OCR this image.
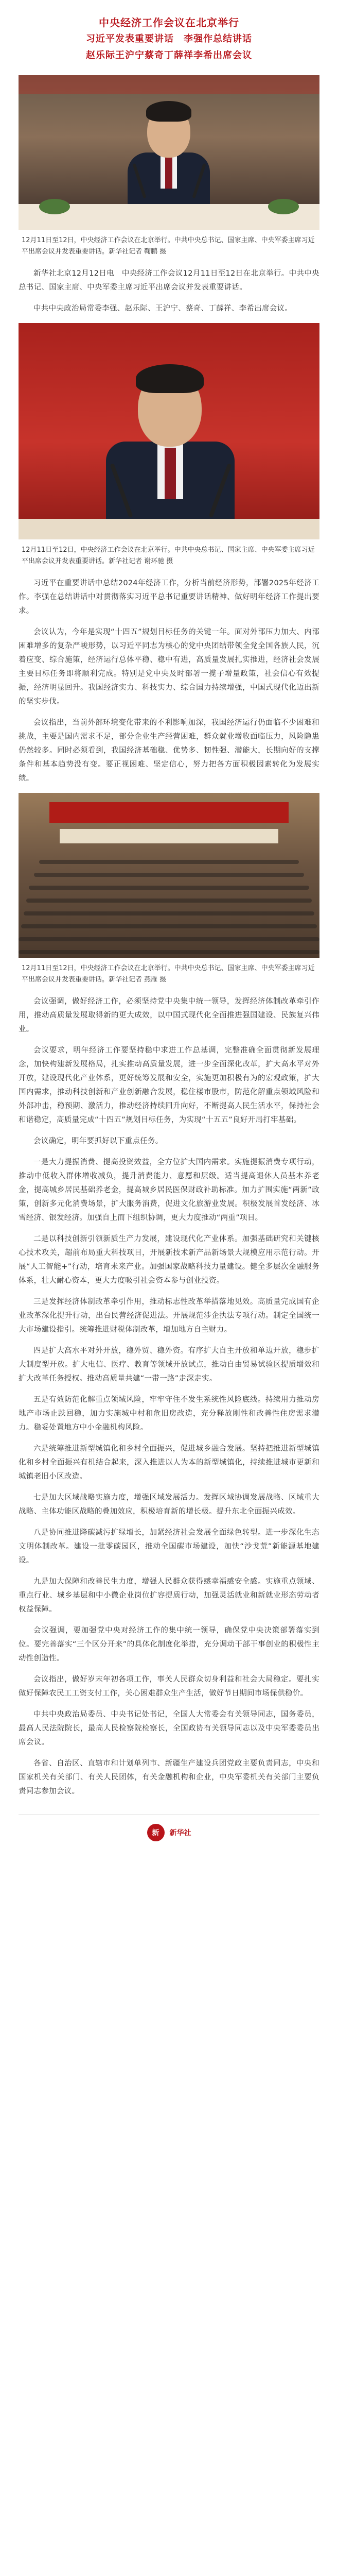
中央经济工作会议在北京举行
习近平发表重要讲话　李强作总结讲话
赵乐际王沪宁蔡奇丁薛祥李希出席会议
12月11日至12日，中央经济工作会议在北京举行。中共中央总书记、国家主席、中央军委主席习近平出席会议并发表重要讲话。新华社记者 鞠鹏 摄

新华社北京12月12日电　中央经济工作会议12月11日至12日在北京举行。中共中央总书记、国家主席、中央军委主席习近平出席会议并发表重要讲话。

中共中央政治局常委李强、赵乐际、王沪宁、蔡奇、丁薛祥、李希出席会议。

12月11日至12日，中央经济工作会议在北京举行。中共中央总书记、国家主席、中央军委主席习近平出席会议并发表重要讲话。新华社记者 谢环驰 摄

习近平在重要讲话中总结2024年经济工作，分析当前经济形势，部署2025年经济工作。李强在总结讲话中对贯彻落实习近平总书记重要讲话精神、做好明年经济工作提出要求。

会议认为，今年是实现“十四五”规划目标任务的关键一年。面对外部压力加大、内部困难增多的复杂严峻形势，以习近平同志为核心的党中央团结带领全党全国各族人民，沉着应变、综合施策，经济运行总体平稳、稳中有进，高质量发展扎实推进，经济社会发展主要目标任务即将顺利完成。特别是党中央及时部署一揽子增量政策，社会信心有效提振，经济明显回升。我国经济实力、科技实力、综合国力持续增强，中国式现代化迈出新的坚实步伐。

会议指出，当前外部环境变化带来的不利影响加深，我国经济运行仍面临不少困难和挑战，主要是国内需求不足，部分企业生产经营困难，群众就业增收面临压力，风险隐患仍然较多。同时必须看到，我国经济基础稳、优势多、韧性强、潜能大，长期向好的支撑条件和基本趋势没有变。要正视困难、坚定信心，努力把各方面积极因素转化为发展实绩。

12月11日至12日，中央经济工作会议在北京举行。中共中央总书记、国家主席、中央军委主席习近平出席会议并发表重要讲话。新华社记者 燕雁 摄

会议强调，做好经济工作，必须坚持党中央集中统一领导，发挥经济体制改革牵引作用，推动高质量发展取得新的更大成效，以中国式现代化全面推进强国建设、民族复兴伟业。

会议要求，明年经济工作要坚持稳中求进工作总基调，完整准确全面贯彻新发展理念，加快构建新发展格局，扎实推动高质量发展，进一步全面深化改革，扩大高水平对外开放，建设现代化产业体系，更好统筹发展和安全，实施更加积极有为的宏观政策，扩大国内需求，推动科技创新和产业创新融合发展，稳住楼市股市，防范化解重点领域风险和外部冲击，稳预期、激活力，推动经济持续回升向好，不断提高人民生活水平，保持社会和谐稳定，高质量完成“十四五”规划目标任务，为实现“十五五”良好开局打牢基础。

会议确定，明年要抓好以下重点任务。

一是大力提振消费、提高投资效益，全方位扩大国内需求。实施提振消费专项行动，推动中低收入群体增收减负，提升消费能力、意愿和层级。适当提高退休人员基本养老金，提高城乡居民基础养老金，提高城乡居民医保财政补助标准。加力扩围实施“两新”政策，创新多元化消费场景，扩大服务消费，促进文化旅游业发展。积极发展首发经济、冰雪经济、银发经济。加强自上而下组织协调，更大力度推动“两重”项目。

二是以科技创新引领新质生产力发展，建设现代化产业体系。加强基础研究和关键核心技术攻关，超前布局重大科技项目，开展新技术新产品新场景大规模应用示范行动。开展“人工智能+”行动，培育未来产业。加强国家战略科技力量建设。健全多层次金融服务体系，壮大耐心资本，更大力度吸引社会资本参与创业投资。

三是发挥经济体制改革牵引作用，推动标志性改革举措落地见效。高质量完成国有企业改革深化提升行动，出台民营经济促进法。开展规范涉企执法专项行动。制定全国统一大市场建设指引。统筹推进财税体制改革，增加地方自主财力。

四是扩大高水平对外开放，稳外贸、稳外资。有序扩大自主开放和单边开放，稳步扩大制度型开放。扩大电信、医疗、教育等领域开放试点，推动自由贸易试验区提质增效和扩大改革任务授权。推动高质量共建“一带一路”走深走实。

五是有效防范化解重点领域风险，牢牢守住不发生系统性风险底线。持续用力推动房地产市场止跌回稳，加力实施城中村和危旧房改造，充分释放刚性和改善性住房需求潜力。稳妥处置地方中小金融机构风险。

六是统筹推进新型城镇化和乡村全面振兴，促进城乡融合发展。坚持把推进新型城镇化和乡村全面振兴有机结合起来，深入推进以人为本的新型城镇化，持续推进城市更新和城镇老旧小区改造。

七是加大区域战略实施力度，增强区域发展活力。发挥区域协调发展战略、区域重大战略、主体功能区战略的叠加效应，积极培育新的增长极。提升东北全面振兴成效。

八是协同推进降碳减污扩绿增长，加紧经济社会发展全面绿色转型。进一步深化生态文明体制改革。建设一批零碳园区，推动全国碳市场建设，加快“沙戈荒”新能源基地建设。

九是加大保障和改善民生力度，增强人民群众获得感幸福感安全感。实施重点领域、重点行业、城乡基层和中小微企业岗位扩容提质行动，加强灵活就业和新就业形态劳动者权益保障。

会议强调，要加强党中央对经济工作的集中统一领导，确保党中央决策部署落实到位。要完善落实“三个区分开来”的具体化制度化举措，充分调动干部干事创业的积极性主动性创造性。

会议指出，做好岁末年初各项工作，事关人民群众切身利益和社会大局稳定。要扎实做好保障农民工工资支付工作，关心困难群众生产生活，做好节日期间市场保供稳价。

中共中央政治局委员、中央书记处书记，全国人大常委会有关领导同志，国务委员，最高人民法院院长，最高人民检察院检察长，全国政协有关领导同志以及中央军委委员出席会议。

各省、自治区、直辖市和计划单列市、新疆生产建设兵团党政主要负责同志，中央和国家机关有关部门、有关人民团体，有关金融机构和企业，中央军委机关有关部门主要负责同志参加会议。

新	新华社
